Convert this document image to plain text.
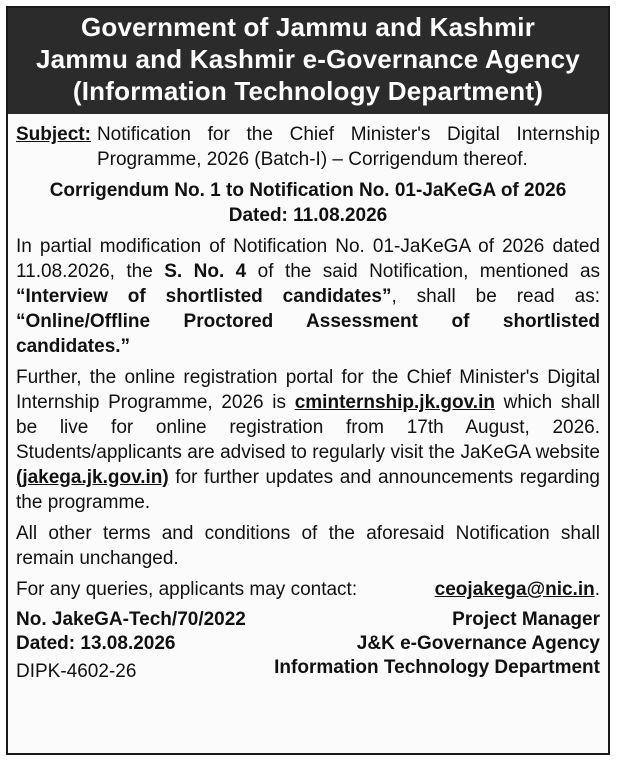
Government of Jammu and Kashmir
Jammu and Kashmir e-Governance Agency
(Information Technology Department)
Subject: Notification for the Chief Minister's Digital Internship Programme, 2026 (Batch-I) – Corrigendum thereof.
Corrigendum No. 1 to Notification No. 01-JaKeGA of 2026
Dated: 11.08.2026
In partial modification of Notification No. 01-JaKeGA of 2026 dated 11.08.2026, the S. No. 4 of the said Notification, mentioned as “Interview of shortlisted candidates”, shall be read as: “Online/Offline Proctored Assessment of shortlisted candidates.”
Further, the online registration portal for the Chief Minister's Digital Internship Programme, 2026 is cminternship.jk.gov.in which shall be live for online registration from 17th August, 2026. Students/applicants are advised to regularly visit the JaKeGA website (jakega.jk.gov.in) for further updates and announcements regarding the programme.
All other terms and conditions of the aforesaid Notification shall remain unchanged.
For any queries, applicants may contact:	ceojakega@nic.in.
No. JakeGA-Tech/70/2022
Dated: 13.08.2026
DIPK-4602-26
Project Manager
J&K e-Governance Agency
Information Technology Department
